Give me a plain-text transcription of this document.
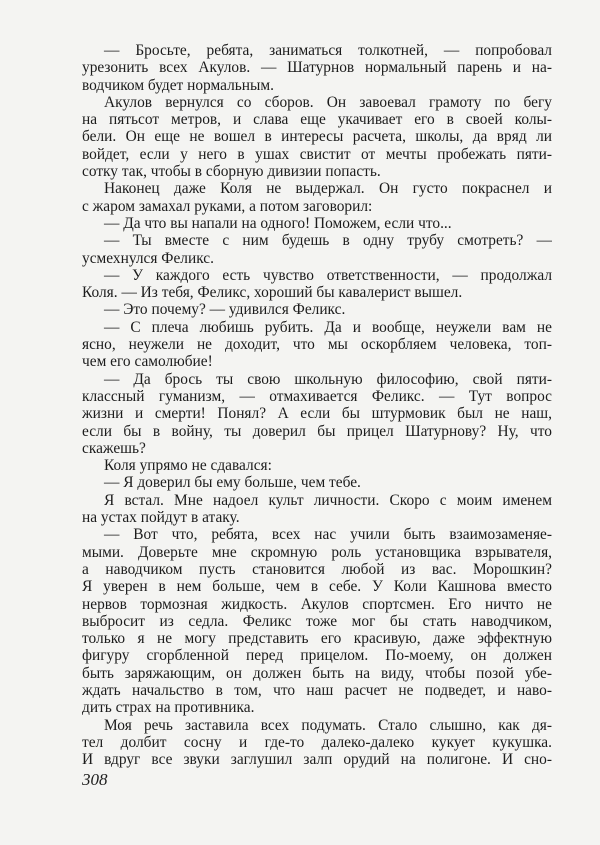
— Бросьте, ребята, заниматься толкотней, — попробовал
урезонить всех Акулов. — Шатурнов нормальный парень и на-
водчиком будет нормальным.
Акулов вернулся со сборов. Он завоевал грамоту по бегу
на пятьсот метров, и слава еще укачивает его в своей колы-
бели. Он еще не вошел в интересы расчета, школы, да вряд ли
войдет, если у него в ушах свистит от мечты пробежать пяти-
сотку так, чтобы в сборную дивизии попасть.
Наконец даже Коля не выдержал. Он густо покраснел и
с жаром замахал руками, а потом заговорил:
— Да что вы напали на одного! Поможем, если что...
— Ты вместе с ним будешь в одну трубу смотреть? —
усмехнулся Феликс.
— У каждого есть чувство ответственности, — продолжал
Коля. — Из тебя, Феликс, хороший бы кавалерист вышел.
— Это почему? — удивился Феликс.
— С плеча любишь рубить. Да и вообще, неужели вам не
ясно, неужели не доходит, что мы оскорбляем человека, топ-
чем его самолюбие!
— Да брось ты свою школьную философию, свой пяти-
классный гуманизм, — отмахивается Феликс. — Тут вопрос
жизни и смерти! Понял? А если бы штурмовик был не наш,
если бы в войну, ты доверил бы прицел Шатурнову? Ну, что
скажешь?
Коля упрямо не сдавался:
— Я доверил бы ему больше, чем тебе.
Я встал. Мне надоел культ личности. Скоро с моим именем
на устах пойдут в атаку.
— Вот что, ребята, всех нас учили быть взаимозаменяе-
мыми. Доверьте мне скромную роль установщика взрывателя,
а наводчиком пусть становится любой из вас. Морошкин?
Я уверен в нем больше, чем в себе. У Коли Кашнова вместо
нервов тормозная жидкость. Акулов спортсмен. Его ничто не
выбросит из седла. Феликс тоже мог бы стать наводчиком,
только я не могу представить его красивую, даже эффектную
фигуру сгорбленной перед прицелом. По-моему, он должен
быть заряжающим, он должен быть на виду, чтобы позой убе-
ждать начальство в том, что наш расчет не подведет, и наво-
дить страх на противника.
Моя речь заставила всех подумать. Стало слышно, как дя-
тел долбит сосну и где-то далеко-далеко кукует кукушка.
И вдруг все звуки заглушил залп орудий на полигоне. И сно-
308
